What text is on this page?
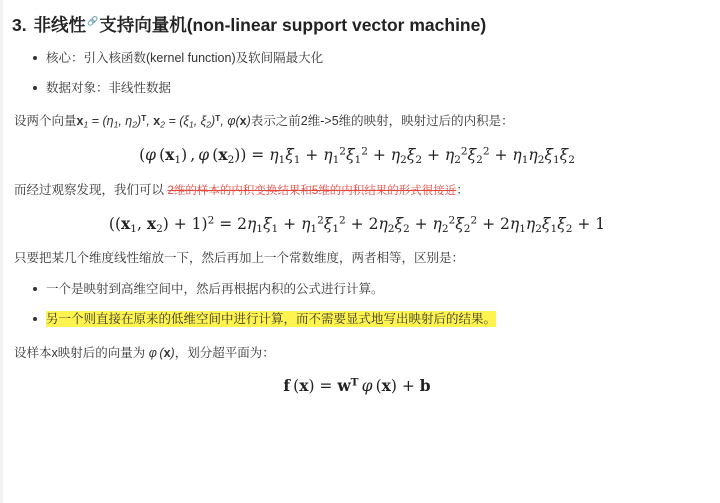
3. 非线性🔗支持向量机(non-linear support vector machine)
核心：引入核函数(kernel function)及软间隔最大化
数据对象：非线性数据

设两个向量$x_1 = (\eta_1$, $\eta_2)^T$, $x_2 = (\xi_1$, $\xi_2)^T$, φ(x)表示之前2维->5维的映射，映射过后的内积是：

(φ $(x_1)$ , φ $(x_2)) = \eta_1\xi_1 + \eta_1^2\xi_1^2 + \eta_2\xi_2 + \eta_2^2\xi_2^2 + \eta_1\eta_2\xi_1\xi_2$

而经过观察发现，我们可以 2维的样本的内积变换结果和5维的内积结果的形式很接近：

(($x_1$, $x_2) + 1)^2 = 2\eta_1\xi_1 + \eta_1^2\xi_1^2 + 2\eta_2\xi_2 + \eta_2^2\xi_2^2 + 2\eta_1\eta_2\xi_1\xi_2 + 1$

只要把某几个维度线性缩放一下，然后再加上一个常数维度，两者相等，区别是：

一个是映射到高维空间中，然后再根据内积的公式进行计算。
另一个则直接在原来的低维空间中进行计算，而不需要显式地写出映射后的结果。

设样本x映射后的向量为 φ (x)，划分超平面为：

f $(x) = w^T$  φ (x) + b
